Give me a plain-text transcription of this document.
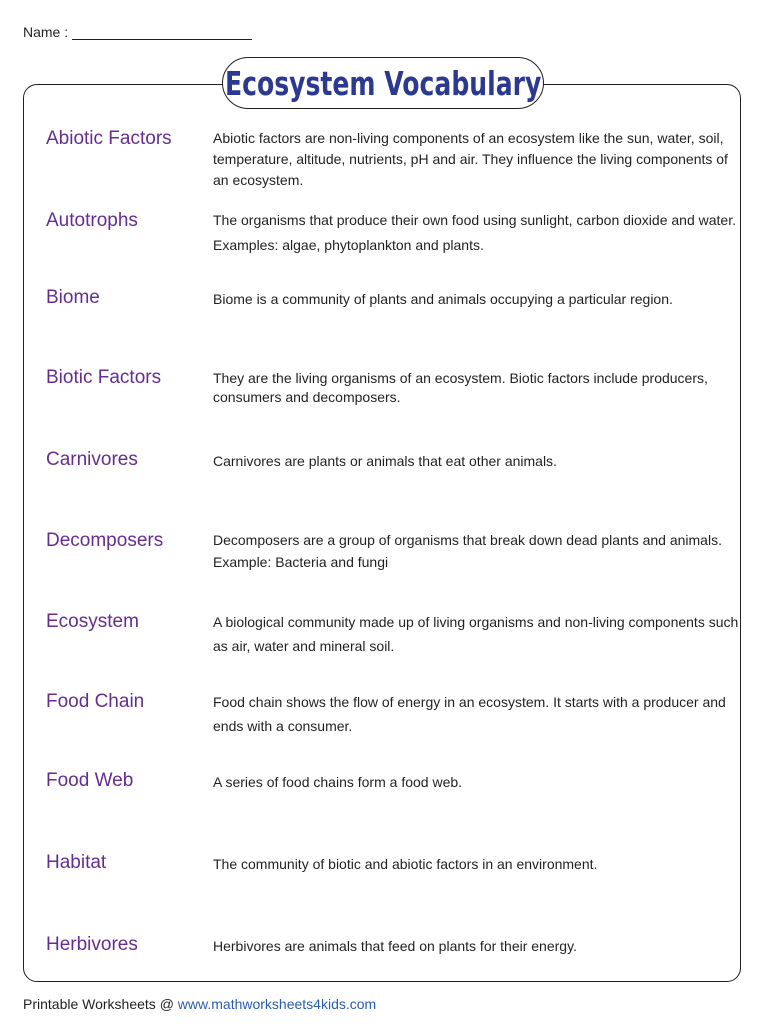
Name :
Ecosystem Vocabulary
Abiotic Factors	Abiotic factors are non-living components of an ecosystem like the sun, water, soil, temperature, altitude, nutrients, pH and air. They influence the living components of an ecosystem.
Autotrophs	The organisms that produce their own food using sunlight, carbon dioxide and water. Examples: algae, phytoplankton and plants.
Biome	Biome is a community of plants and animals occupying a particular region.
Biotic Factors	They are the living organisms of an ecosystem. Biotic factors include producers, consumers and decomposers.
Carnivores	Carnivores are plants or animals that eat other animals.
Decomposers	Decomposers are a group of organisms that break down dead plants and animals. Example: Bacteria and fungi
Ecosystem	A biological community made up of living organisms and non-living components such as air, water and mineral soil.
Food Chain	Food chain shows the flow of energy in an ecosystem. It starts with a producer and ends with a consumer.
Food Web	A series of food chains form a food web.
Habitat	The community of biotic and abiotic factors in an environment.
Herbivores	Herbivores are animals that feed on plants for their energy.
Printable Worksheets @ www.mathworksheets4kids.com
